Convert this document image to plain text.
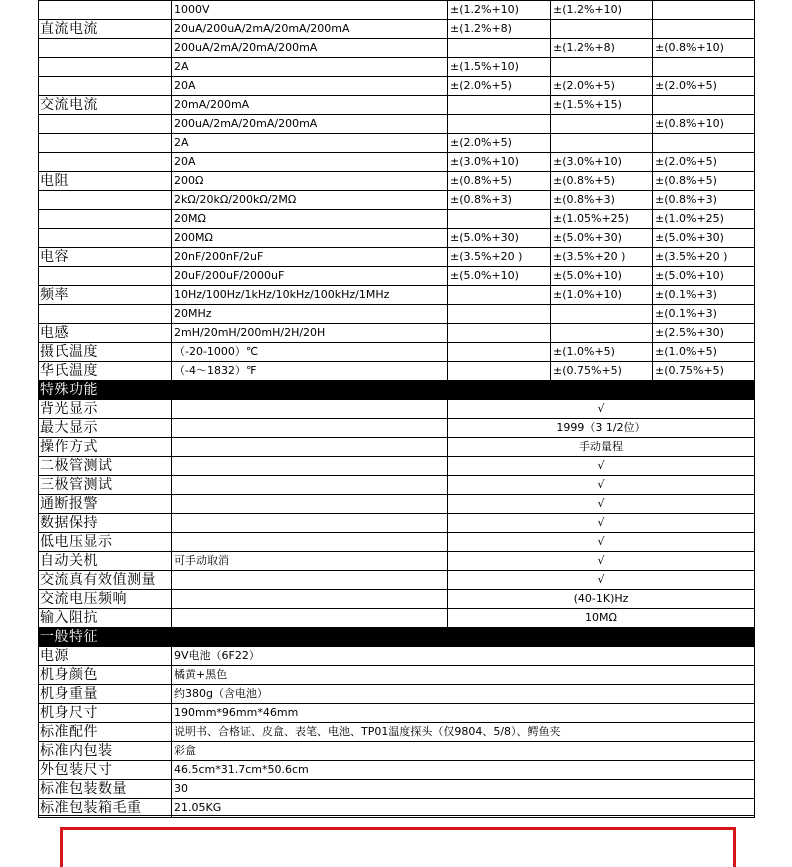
	1000V	±(1.2%+10)	±(1.2%+10)	
直流电流	20uA/200uA/2mA/20mA/200mA	±(1.2%+8)		
	200uA/2mA/20mA/200mA		±(1.2%+8)	±(0.8%+10)
	2A	±(1.5%+10)		
	20A	±(2.0%+5)	±(2.0%+5)	±(2.0%+5)
交流电流	20mA/200mA		±(1.5%+15)	
	200uA/2mA/20mA/200mA			±(0.8%+10)
	2A	±(2.0%+5)		
	20A	±(3.0%+10)	±(3.0%+10)	±(2.0%+5)
电阻	200Ω	±(0.8%+5)	±(0.8%+5)	±(0.8%+5)
	2kΩ/20kΩ/200kΩ/2MΩ	±(0.8%+3)	±(0.8%+3)	±(0.8%+3)
	20MΩ		±(1.05%+25)	±(1.0%+25)
	200MΩ	±(5.0%+30)	±(5.0%+30)	±(5.0%+30)
电容	20nF/200nF/2uF	±(3.5%+20 )	±(3.5%+20 )	±(3.5%+20 )
	20uF/200uF/2000uF	±(5.0%+10)	±(5.0%+10)	±(5.0%+10)
频率	10Hz/100Hz/1kHz/10kHz/100kHz/1MHz		±(1.0%+10)	±(0.1%+3)
	20MHz			±(0.1%+3)
电感	2mH/20mH/200mH/2H/20H			±(2.5%+30)
摄氏温度	（-20-1000）℃		±(1.0%+5)	±(1.0%+5)
华氏温度	（-4～1832）℉		±(0.75%+5)	±(0.75%+5)
特殊功能				
背光显示		√		
最大显示		1999（3 1/2位）		
操作方式		手动量程		
二极管测试		√		
三极管测试		√		
通断报警		√		
数据保持		√		
低电压显示		√		
自动关机	可手动取消	√		
交流真有效值测量		√		
交流电压频响		(40-1K)Hz		
输入阻抗		10MΩ		
一般特征				
电源	9V电池（6F22）			
机身颜色	橘黄+黑色			
机身重量	约380g（含电池）			
机身尺寸	190mm*96mm*46mm			
标准配件	说明书、合格证、皮盒、表笔、电池、TP01温度探头（仅9804、5/8）、鳄鱼夹			
标准内包装	彩盒			
外包装尺寸	46.5cm*31.7cm*50.6cm			
标准包装数量	30			
标准包装箱毛重	21.05KG			
